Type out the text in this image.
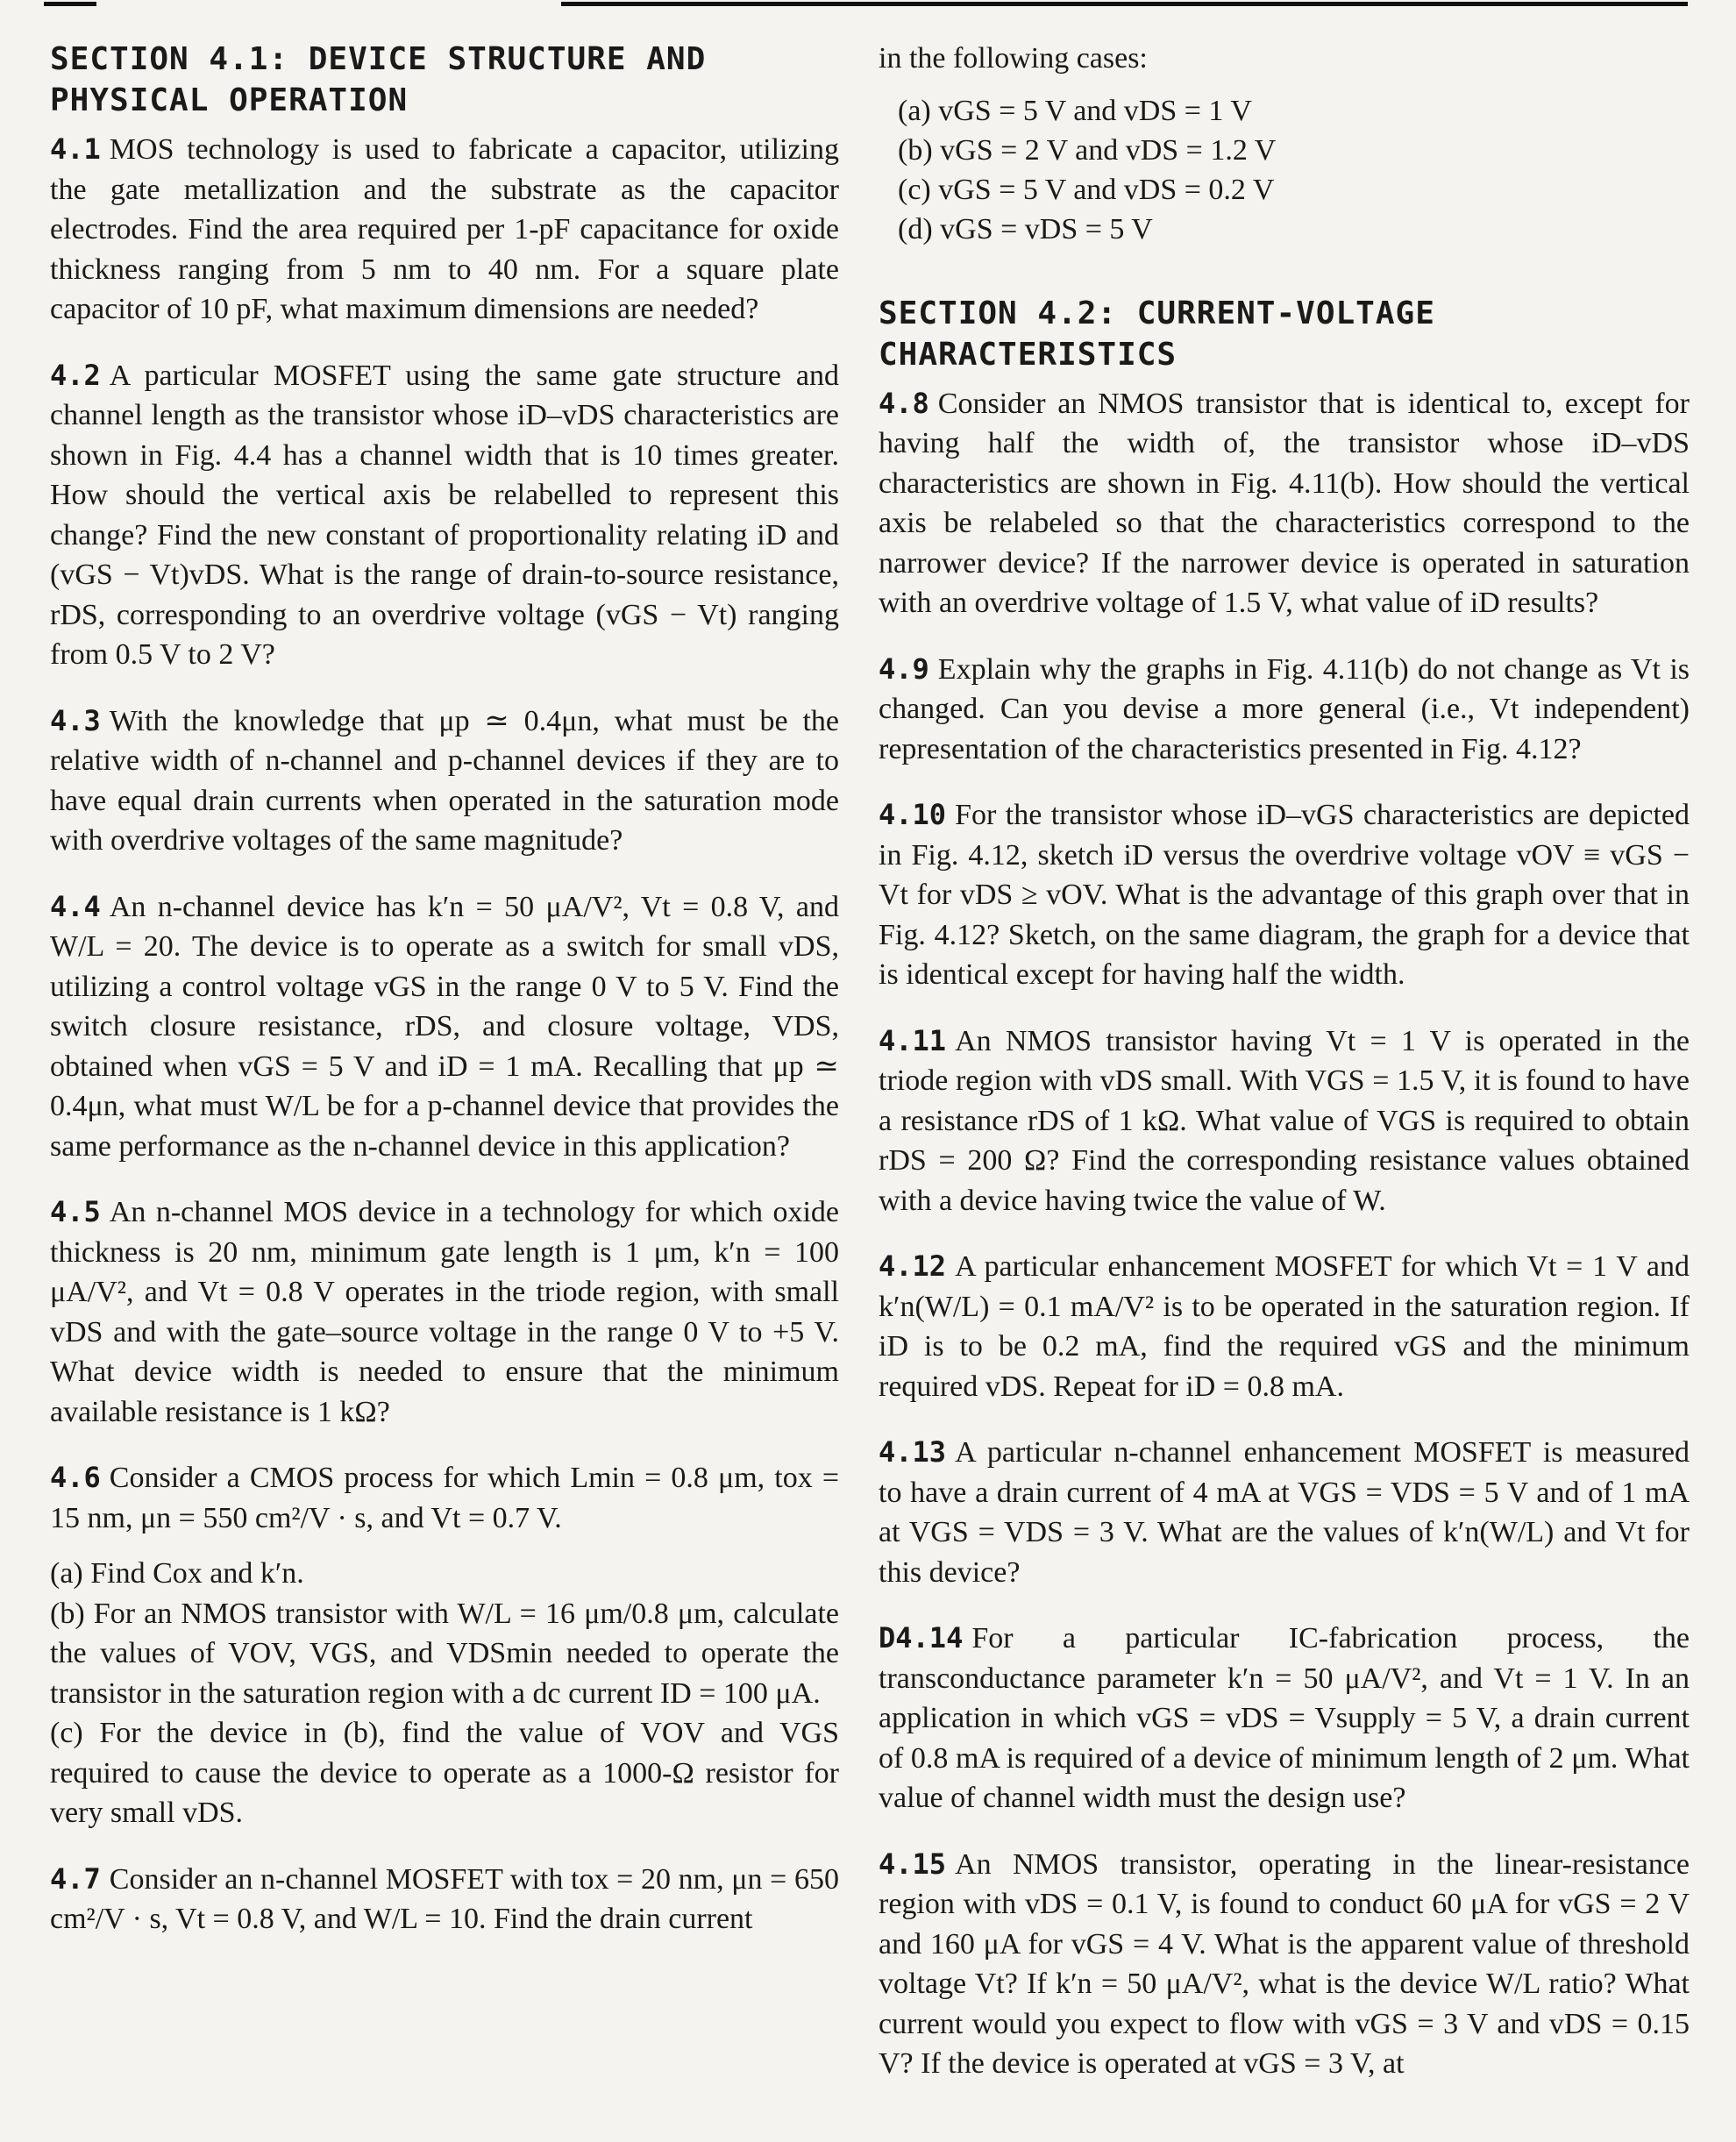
SECTION 4.1: DEVICE STRUCTURE AND
PHYSICAL OPERATION

4.1 MOS technology is used to fabricate a capacitor, utilizing the gate metallization and the substrate as the capacitor electrodes. Find the area required per 1-pF capacitance for oxide thickness ranging from 5 nm to 40 nm. For a square plate capacitor of 10 pF, what maximum dimensions are needed?

4.2 A particular MOSFET using the same gate structure and channel length as the transistor whose iD–vDS characteristics are shown in Fig. 4.4 has a channel width that is 10 times greater. How should the vertical axis be relabelled to represent this change? Find the new constant of proportionality relating iD and (vGS − Vt)vDS. What is the range of drain-to-source resistance, rDS, corresponding to an overdrive voltage (vGS − Vt) ranging from 0.5 V to 2 V?

4.3 With the knowledge that μp ≃ 0.4μn, what must be the relative width of n-channel and p-channel devices if they are to have equal drain currents when operated in the saturation mode with overdrive voltages of the same magnitude?

4.4 An n-channel device has k′n = 50 μA/V², Vt = 0.8 V, and W/L = 20. The device is to operate as a switch for small vDS, utilizing a control voltage vGS in the range 0 V to 5 V. Find the switch closure resistance, rDS, and closure voltage, VDS, obtained when vGS = 5 V and iD = 1 mA. Recalling that μp ≃ 0.4μn, what must W/L be for a p-channel device that provides the same performance as the n-channel device in this application?

4.5 An n-channel MOS device in a technology for which oxide thickness is 20 nm, minimum gate length is 1 μm, k′n = 100 μA/V², and Vt = 0.8 V operates in the triode region, with small vDS and with the gate–source voltage in the range 0 V to +5 V. What device width is needed to ensure that the minimum available resistance is 1 kΩ?

4.6 Consider a CMOS process for which Lmin = 0.8 μm, tox = 15 nm, μn = 550 cm²/V · s, and Vt = 0.7 V.

(a) Find Cox and k′n.

(b) For an NMOS transistor with W/L = 16 μm/0.8 μm, calculate the values of VOV, VGS, and VDSmin needed to operate the transistor in the saturation region with a dc current ID = 100 μA.

(c) For the device in (b), find the value of VOV and VGS required to cause the device to operate as a 1000-Ω resistor for very small vDS.

4.7 Consider an n-channel MOSFET with tox = 20 nm, μn = 650 cm²/V · s, Vt = 0.8 V, and W/L = 10. Find the drain current

in the following cases:

(a) vGS = 5 V and vDS = 1 V
(b) vGS = 2 V and vDS = 1.2 V
(c) vGS = 5 V and vDS = 0.2 V
(d) vGS = vDS = 5 V
SECTION 4.2: CURRENT-VOLTAGE CHARACTERISTICS

4.8 Consider an NMOS transistor that is identical to, except for having half the width of, the transistor whose iD–vDS characteristics are shown in Fig. 4.11(b). How should the vertical axis be relabeled so that the characteristics correspond to the narrower device? If the narrower device is operated in saturation with an overdrive voltage of 1.5 V, what value of iD results?

4.9 Explain why the graphs in Fig. 4.11(b) do not change as Vt is changed. Can you devise a more general (i.e., Vt independent) representation of the characteristics presented in Fig. 4.12?

4.10 For the transistor whose iD–vGS characteristics are depicted in Fig. 4.12, sketch iD versus the overdrive voltage vOV ≡ vGS − Vt for vDS ≥ vOV. What is the advantage of this graph over that in Fig. 4.12? Sketch, on the same diagram, the graph for a device that is identical except for having half the width.

4.11 An NMOS transistor having Vt = 1 V is operated in the triode region with vDS small. With VGS = 1.5 V, it is found to have a resistance rDS of 1 kΩ. What value of VGS is required to obtain rDS = 200 Ω? Find the corresponding resistance values obtained with a device having twice the value of W.

4.12 A particular enhancement MOSFET for which Vt = 1 V and k′n(W/L) = 0.1 mA/V² is to be operated in the saturation region. If iD is to be 0.2 mA, find the required vGS and the minimum required vDS. Repeat for iD = 0.8 mA.

4.13 A particular n-channel enhancement MOSFET is measured to have a drain current of 4 mA at VGS = VDS = 5 V and of 1 mA at VGS = VDS = 3 V. What are the values of k′n(W/L) and Vt for this device?

D4.14 For a particular IC-fabrication process, the transconductance parameter k′n = 50 μA/V², and Vt = 1 V. In an application in which vGS = vDS = Vsupply = 5 V, a drain current of 0.8 mA is required of a device of minimum length of 2 μm. What value of channel width must the design use?

4.15 An NMOS transistor, operating in the linear-resistance region with vDS = 0.1 V, is found to conduct 60 μA for vGS = 2 V and 160 μA for vGS = 4 V. What is the apparent value of threshold voltage Vt? If k′n = 50 μA/V², what is the device W/L ratio? What current would you expect to flow with vGS = 3 V and vDS = 0.15 V? If the device is operated at vGS = 3 V, at
